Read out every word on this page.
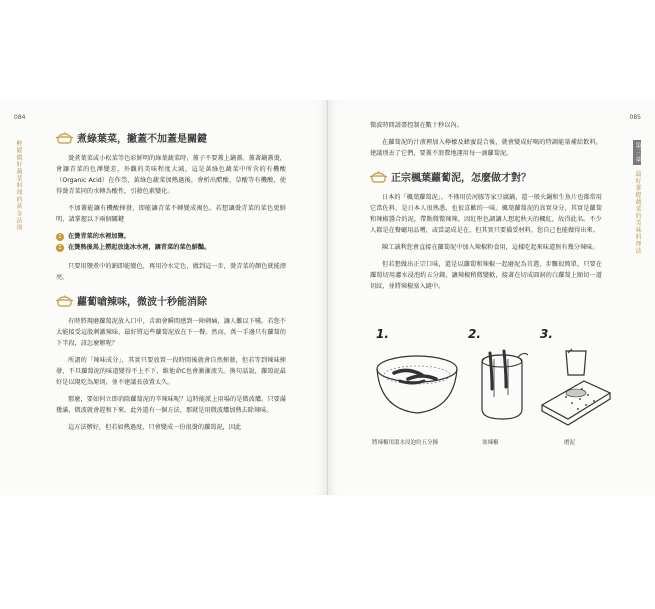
084
輕鬆做好蔬菜料理的黃金法則
煮綠葉菜，撇蓋不加蓋是關鍵

燙煮葉菜或小松菜等色彩鮮明的綠葉蔬菜時，蓋子不要蓋上鍋蓋。蓋著鍋蓋燙，會讓青菜的色澤變差，外觀的美味程度大減，這是黃綠色蔬菜中所含的有機酸（Organic Acid）在作祟，黃綠色蔬菜加熱過後，會析出醋酸、草酸等有機酸，使得燙青菜同的水轉為酸性，引發色素變化。

不加蓋能讓有機酸揮發，即能讓青菜不轉變成褐色。若想讓燙青菜的菜色更鮮明，請掌握以下兩個關鍵

1	在燙青菜的水裡加鹽。
2	在燙熟後馬上撈起放進冰水裡，讓青菜的菜色鮮豔。

只要用鹽煮中的鈉即能變色，再用冷水定色，做到這一步，燙青菜的顏色就能漂亮。

蘿蔔嗆辣味，微波十秒能消除

有時將現磨蘿蔔泥放入口中，舌頭會瞬間感到一陣刺痛，讓人難以下嚥。若您不太能接受這股刺激辣味，最好將這些蘿蔔泥放在下一餐。然而，萬一手邊只有蘿蔔的下半段，該怎麼辦呢？

所謂的「辣味成分」，其實只要放置一段時間後就會自然揮發，但若等到辣味揮發，不旦蘿蔔泥的味道變得不上不下，維他命C也會漸漸流失。換句話說，蘿蔔泥最好是以現吃為原則，並不建議長放置太久。

那麼，要如何立即消除蘿蔔泥的辛辣味呢？這時能派上用場的是微波爐。只要滿幾滿，微波就會趕和下來。此外還有一個方法，那就是用微波爐加熱去除辣味。

這方法辦好，但若如熱過度，只會變成一份很燙的蘿蔔泥，因此

085
第三章 最好掌握蔬菜的美味料理法

微波時間請盡控制在數十秒以內。

在蘿蔔泥的汁液裡加入檸檬及蜂蜜混合後，就會變成好喝的特調能量補給飲料，建議別丟了它們，要蓋不浪費地運用每一滴蘿蔔泥。

正宗楓葉蘿蔔泥，怎麼做才對？

日本的「楓葉蘿蔔泥」，不僅用於河豚等家豆腐鍋，還一般火鍋和生魚片也都常用它當佐料，是日本人很熟悉，也很喜歡的一味。楓葉蘿蔔泥的真實身分，其實是蘿蔔和辣椒醬合的泥，帶點微微辣辣，因紅彤色調讓人想起秋天的楓紅，故得此名。不少人都是在餐廳用品嚐，或當認成是在，但其實只要備妥材料，您自己也能做得出來。

陳工誠利您會直接在蘿蔔泥中加入辣椒粉食用，這樣吃起來味道無有幾分辣味。

但若想做出正宗口味，還是以蘿蔔和辣椒一起磨泥為首選，步驟很簡單，只要在蘿蔔切用濾水浸泡約五分鐘，讓辣椒稍微變軟，接著在切成圓洞的白蘿蔔上順切一道切紋，並將辣椒塞入縫中。

1.	2.	3.
將辣椒用溫水浸泡約五分鐘	塞辣椒	磨泥
